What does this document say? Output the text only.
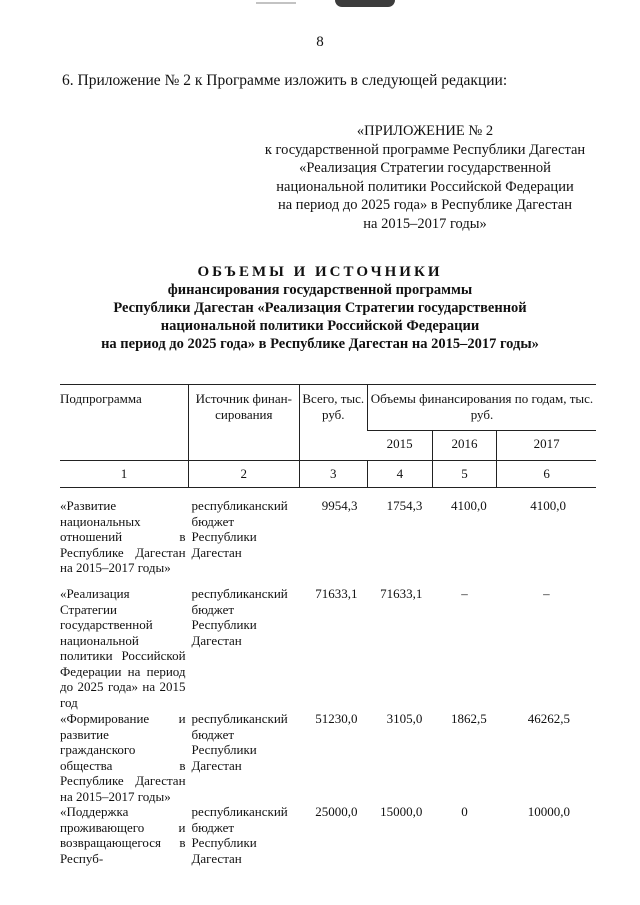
8
6. Приложение № 2 к Программе изложить в следующей редакции:
«ПРИЛОЖЕНИЕ № 2
к государственной программе Республики Дагестан
«Реализация Стратегии государственной
национальной политики Российской Федерации
на период до 2025 года» в Республике Дагестан
на 2015–2017 годы»
ОБЪЕМЫ И ИСТОЧНИКИ
финансирования государственной программы
Республики Дагестан «Реализация Стратегии государственной
национальной политики Российской Федерации
на период до 2025 года» в Республике Дагестан на 2015–2017 годы»
Подпрограмма	Источник финан-сирования	Всего, тыс. руб.	Объемы финансирования по годам, тыс. руб.		
			2015	2016	2017
1	2	3	4	5	6
«Развитие национальных отношений в Республике Дагестан на 2015–2017 годы»	республиканский бюджет Республики Дагестан	9954,3	1754,3	4100,0	4100,0
«Реализация Стратегии государственной национальной политики Российской Федерации на период до 2025 года» на 2015 год	республиканский бюджет Республики Дагестан	71633,1	71633,1	–	–
«Формирование и развитие гражданского общества в Республике Дагестан на 2015–2017 годы»	республиканский бюджет Республики Дагестан	51230,0	3105,0	1862,5	46262,5
«Поддержка проживающего и возвращающегося в Респуб-	республиканский бюджет Республики Дагестан	25000,0	15000,0	0	10000,0
